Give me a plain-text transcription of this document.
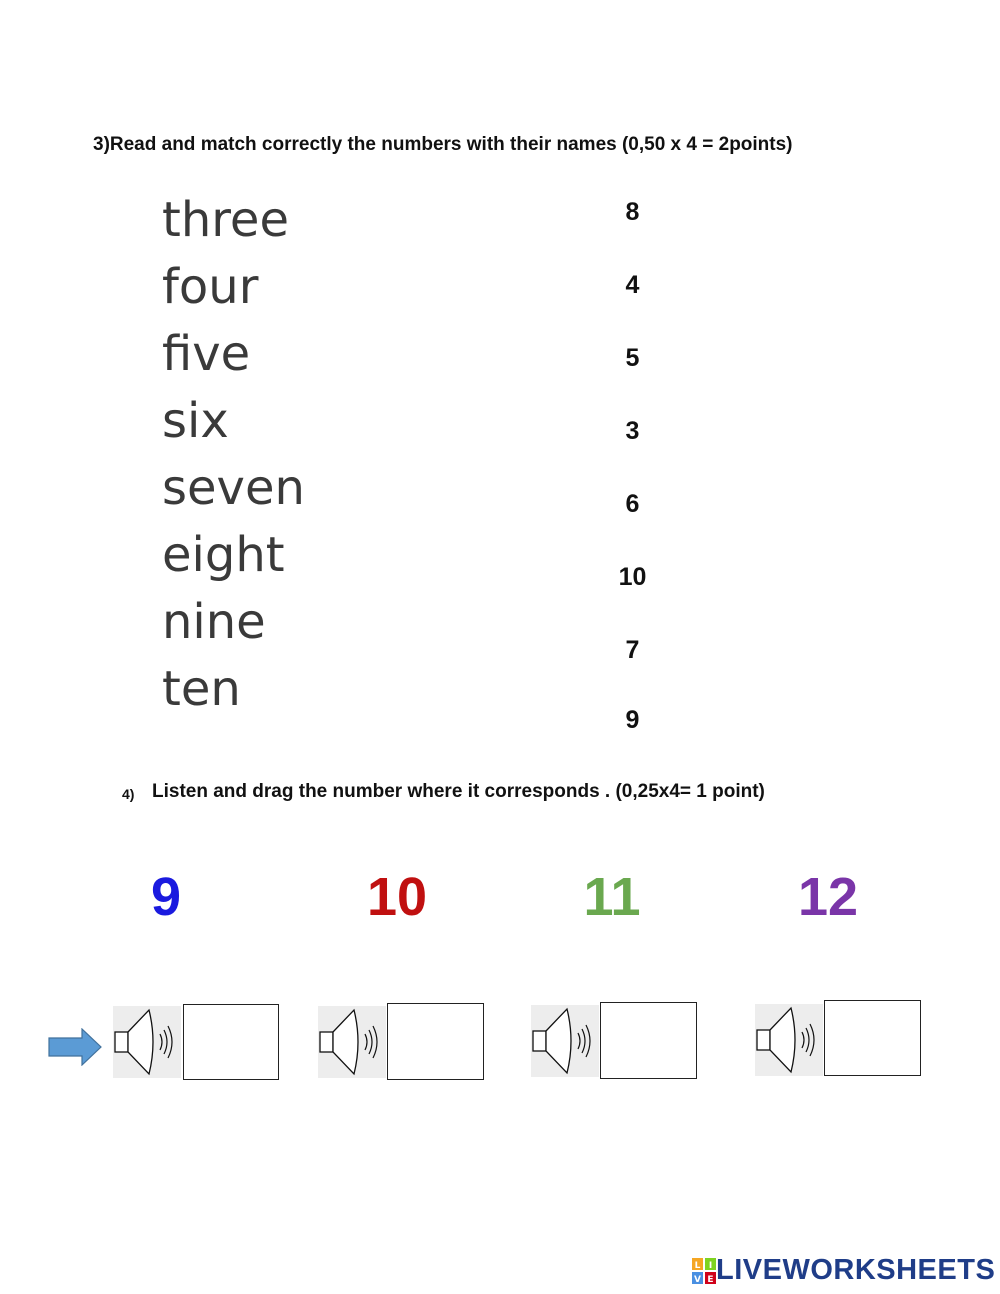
3)Read and match correctly the numbers with their names (0,50 x 4 = 2points)
three
four
five
six
seven
eight
nine
ten
8
4
5
3
6
10
7
9
4) Listen and drag the number where it corresponds . (0,25x4= 1 point)
9	10	11	12
L I
V E LIVEWORKSHEETS
